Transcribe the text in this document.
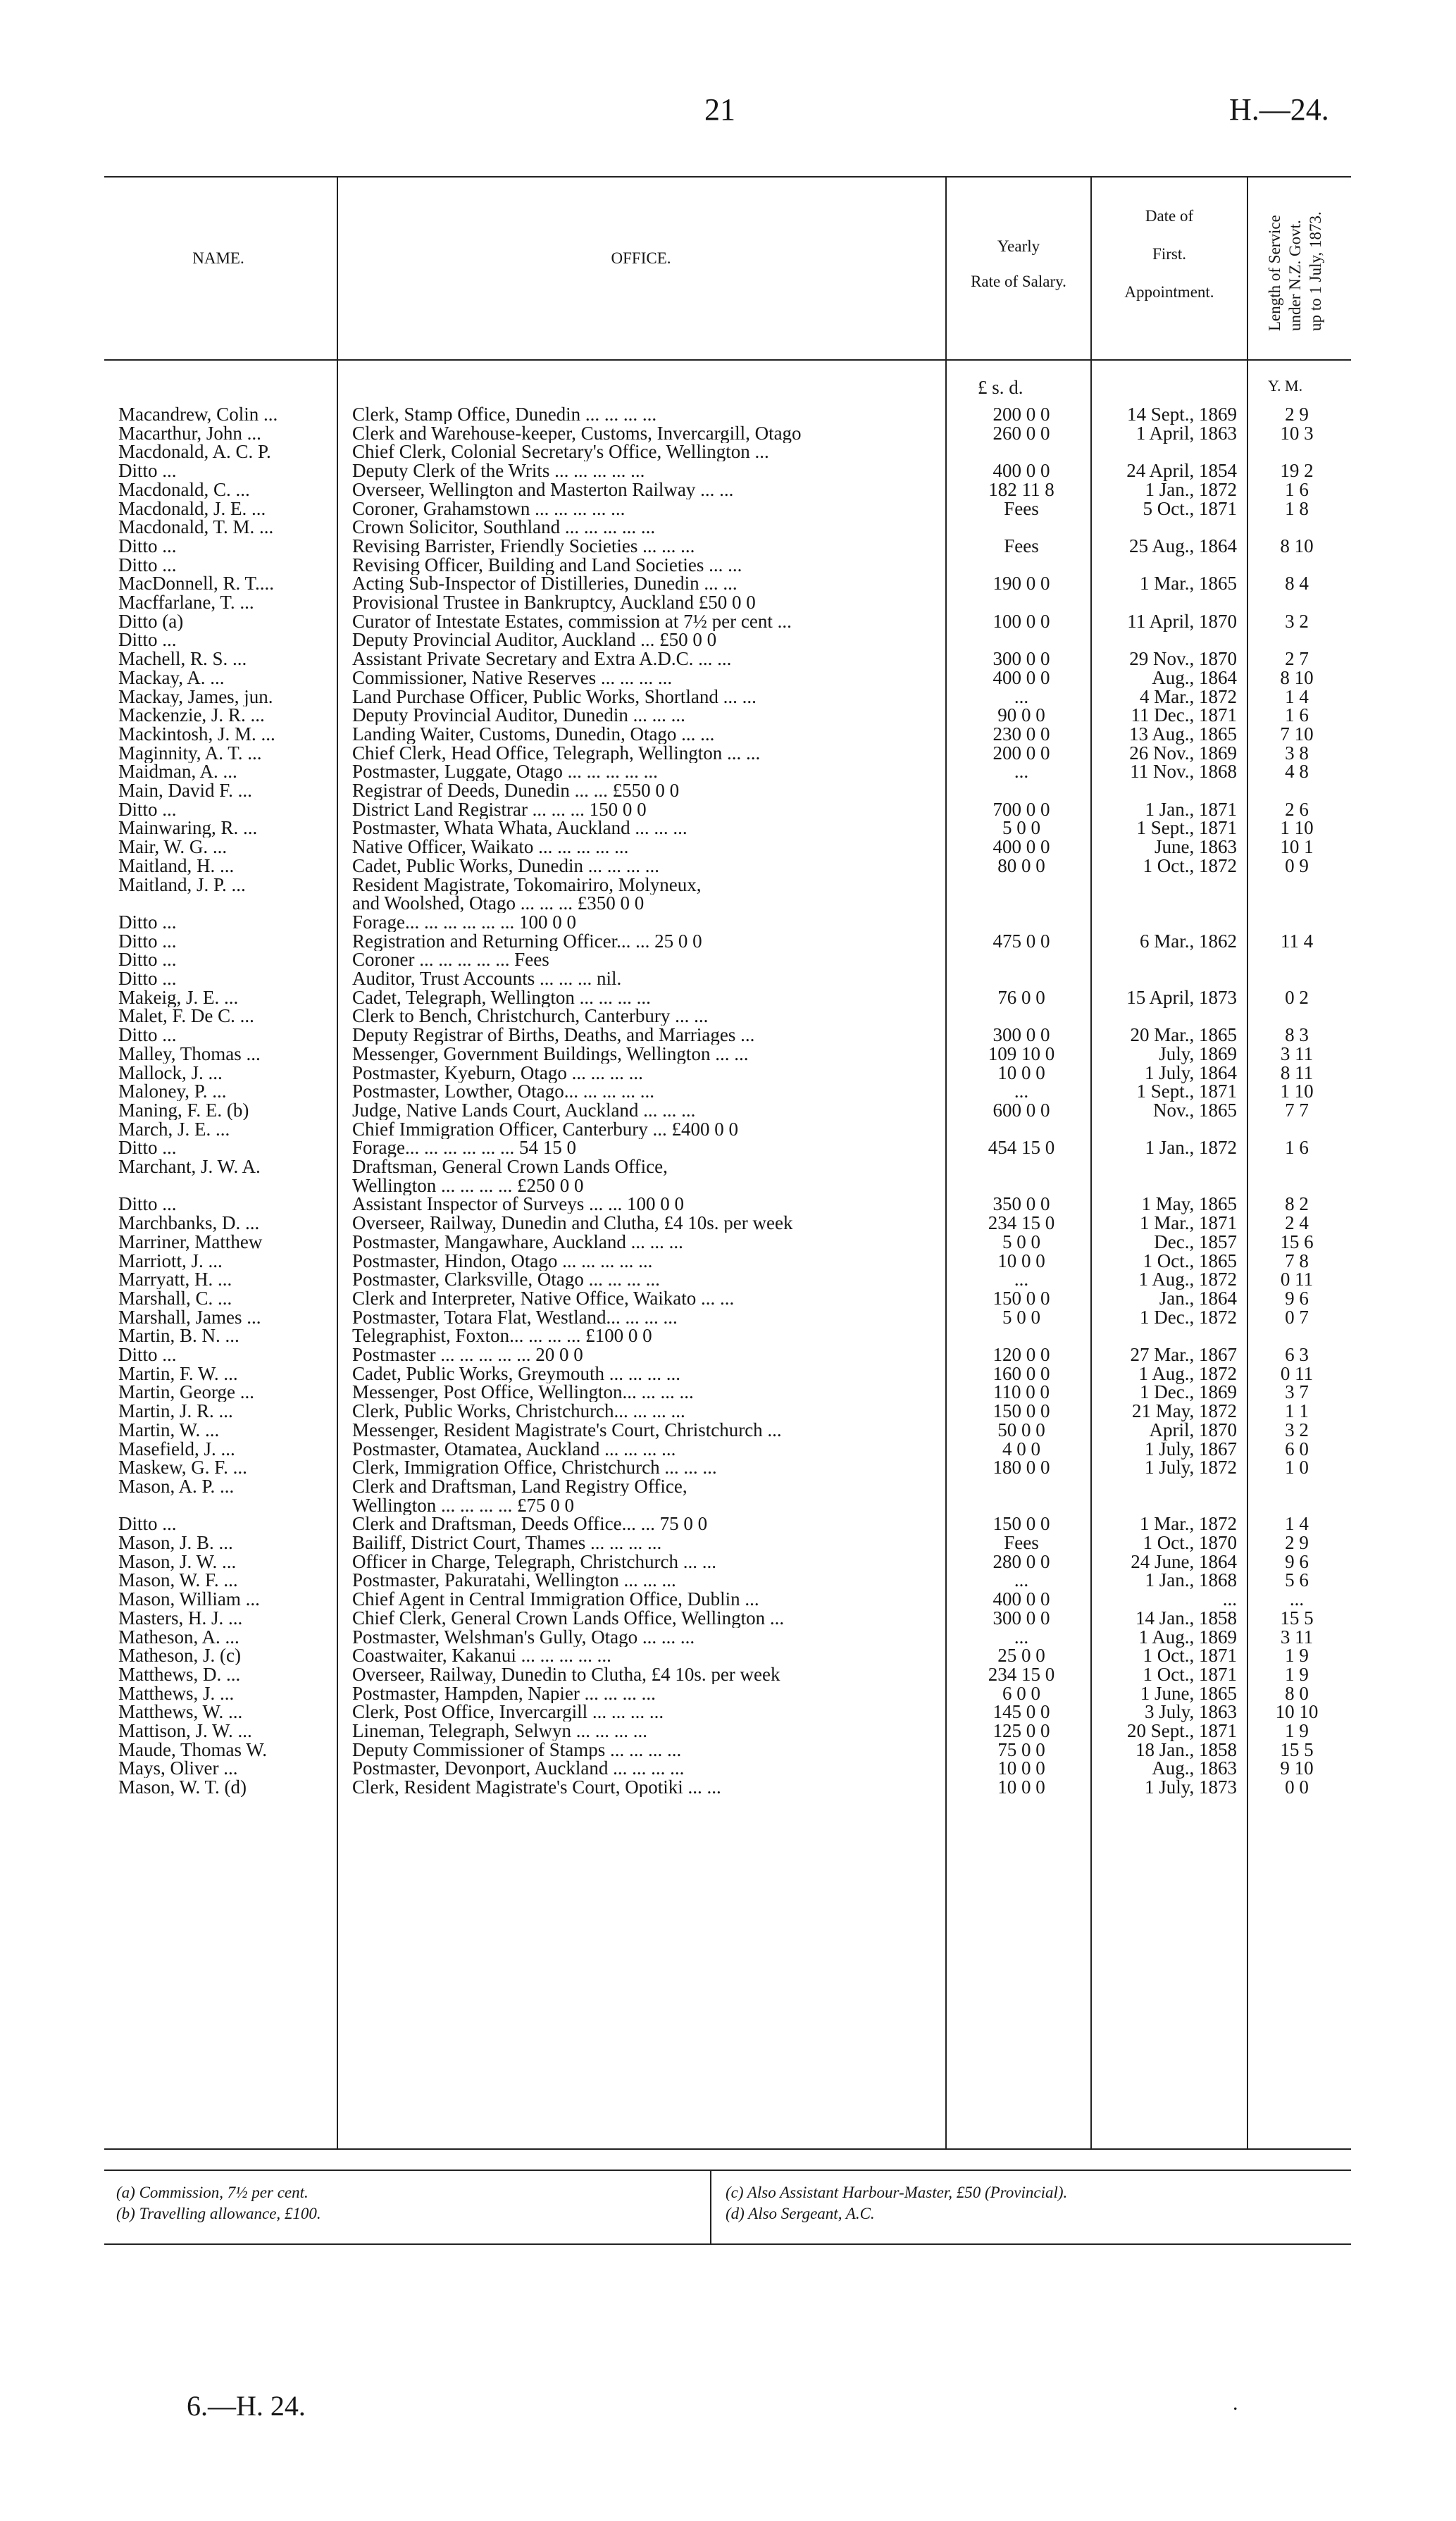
21	H.—24.
NAME.	OFFICE.
Yearly
Rate of Salary.
Date of
First.
Appointment.	Length of Service under N.Z. Govt. up to 1 July, 1873.
£ s. d.	Y. M.
Macandrew, Colin ...	Clerk, Stamp Office, Dunedin ... ... ... ...	200 0 0	14 Sept., 1869	2 9
Macarthur, John ...	Clerk and Warehouse-keeper, Customs, Invercargill, Otago	260 0 0	1 April, 1863	10 3
Macdonald, A. C. P.	Chief Clerk, Colonial Secretary's Office, Wellington ...
Ditto ...	Deputy Clerk of the Writs ... ... ... ... ...	400 0 0	24 April, 1854	19 2
Macdonald, C. ...	Overseer, Wellington and Masterton Railway ... ...	182 11 8	1 Jan., 1872	1 6
Macdonald, J. E. ...	Coroner, Grahamstown ... ... ... ... ...	Fees	5 Oct., 1871	1 8
Macdonald, T. M. ...	Crown Solicitor, Southland ... ... ... ... ...
Ditto ...	Revising Barrister, Friendly Societies ... ... ...	Fees	25 Aug., 1864	8 10
Ditto ...	Revising Officer, Building and Land Societies ... ...
MacDonnell, R. T....	Acting Sub-Inspector of Distilleries, Dunedin ... ...	190 0 0	1 Mar., 1865	8 4
Macffarlane, T. ...	Provisional Trustee in Bankruptcy, Auckland £50 0 0
Ditto (a)	Curator of Intestate Estates, commission at 7½ per cent ...	100 0 0	11 April, 1870	3 2
Ditto ...	Deputy Provincial Auditor, Auckland ... £50 0 0
Machell, R. S. ...	Assistant Private Secretary and Extra A.D.C. ... ...	300 0 0	29 Nov., 1870	2 7
Mackay, A. ...	Commissioner, Native Reserves ... ... ... ...	400 0 0	Aug., 1864	8 10
Mackay, James, jun.	Land Purchase Officer, Public Works, Shortland ... ...	...	4 Mar., 1872	1 4
Mackenzie, J. R. ...	Deputy Provincial Auditor, Dunedin ... ... ...	90 0 0	11 Dec., 1871	1 6
Mackintosh, J. M. ...	Landing Waiter, Customs, Dunedin, Otago ... ...	230 0 0	13 Aug., 1865	7 10
Maginnity, A. T. ...	Chief Clerk, Head Office, Telegraph, Wellington ... ...	200 0 0	26 Nov., 1869	3 8
Maidman, A. ...	Postmaster, Luggate, Otago ... ... ... ... ...	...	11 Nov., 1868	4 8
Main, David F. ...	Registrar of Deeds, Dunedin ... ... £550 0 0
Ditto ...	District Land Registrar ... ... ... 150 0 0	700 0 0	1 Jan., 1871	2 6
Mainwaring, R. ...	Postmaster, Whata Whata, Auckland ... ... ...	5 0 0	1 Sept., 1871	1 10
Mair, W. G. ...	Native Officer, Waikato ... ... ... ... ...	400 0 0	June, 1863	10 1
Maitland, H. ...	Cadet, Public Works, Dunedin ... ... ... ...	80 0 0	1 Oct., 1872	0 9
Maitland, J. P. ...	Resident Magistrate, Tokomairiro, Molyneux,
and Woolshed, Otago ... ... ... £350 0 0
Ditto ...	Forage... ... ... ... ... ... 100 0 0
Ditto ...	Registration and Returning Officer... ... 25 0 0	475 0 0	6 Mar., 1862	11 4
Ditto ...	Coroner ... ... ... ... ... Fees
Ditto ...	Auditor, Trust Accounts ... ... ... nil.
Makeig, J. E. ...	Cadet, Telegraph, Wellington ... ... ... ...	76 0 0	15 April, 1873	0 2
Malet, F. De C. ...	Clerk to Bench, Christchurch, Canterbury ... ...
Ditto ...	Deputy Registrar of Births, Deaths, and Marriages ...	300 0 0	20 Mar., 1865	8 3
Malley, Thomas ...	Messenger, Government Buildings, Wellington ... ...	109 10 0	July, 1869	3 11
Mallock, J. ...	Postmaster, Kyeburn, Otago ... ... ... ...	10 0 0	1 July, 1864	8 11
Maloney, P. ...	Postmaster, Lowther, Otago... ... ... ... ...	...	1 Sept., 1871	1 10
Maning, F. E. (b)	Judge, Native Lands Court, Auckland ... ... ...	600 0 0	Nov., 1865	7 7
March, J. E. ...	Chief Immigration Officer, Canterbury ... £400 0 0
Ditto ...	Forage... ... ... ... ... ... 54 15 0	454 15 0	1 Jan., 1872	1 6
Marchant, J. W. A.	Draftsman, General Crown Lands Office,
Wellington ... ... ... ... £250 0 0
Ditto ...	Assistant Inspector of Surveys ... ... 100 0 0	350 0 0	1 May, 1865	8 2
Marchbanks, D. ...	Overseer, Railway, Dunedin and Clutha, £4 10s. per week	234 15 0	1 Mar., 1871	2 4
Marriner, Matthew	Postmaster, Mangawhare, Auckland ... ... ...	5 0 0	Dec., 1857	15 6
Marriott, J. ...	Postmaster, Hindon, Otago ... ... ... ... ...	10 0 0	1 Oct., 1865	7 8
Marryatt, H. ...	Postmaster, Clarksville, Otago ... ... ... ...	...	1 Aug., 1872	0 11
Marshall, C. ...	Clerk and Interpreter, Native Office, Waikato ... ...	150 0 0	Jan., 1864	9 6
Marshall, James ...	Postmaster, Totara Flat, Westland... ... ... ...	5 0 0	1 Dec., 1872	0 7
Martin, B. N. ...	Telegraphist, Foxton... ... ... ... £100 0 0
Ditto ...	Postmaster ... ... ... ... ... 20 0 0	120 0 0	27 Mar., 1867	6 3
Martin, F. W. ...	Cadet, Public Works, Greymouth ... ... ... ...	160 0 0	1 Aug., 1872	0 11
Martin, George ...	Messenger, Post Office, Wellington... ... ... ...	110 0 0	1 Dec., 1869	3 7
Martin, J. R. ...	Clerk, Public Works, Christchurch... ... ... ...	150 0 0	21 May, 1872	1 1
Martin, W. ...	Messenger, Resident Magistrate's Court, Christchurch ...	50 0 0	April, 1870	3 2
Masefield, J. ...	Postmaster, Otamatea, Auckland ... ... ... ...	4 0 0	1 July, 1867	6 0
Maskew, G. F. ...	Clerk, Immigration Office, Christchurch ... ... ...	180 0 0	1 July, 1872	1 0
Mason, A. P. ...	Clerk and Draftsman, Land Registry Office,
Wellington ... ... ... ... £75 0 0
Ditto ...	Clerk and Draftsman, Deeds Office... ... 75 0 0	150 0 0	1 Mar., 1872	1 4
Mason, J. B. ...	Bailiff, District Court, Thames ... ... ... ...	Fees	1 Oct., 1870	2 9
Mason, J. W. ...	Officer in Charge, Telegraph, Christchurch ... ...	280 0 0	24 June, 1864	9 6
Mason, W. F. ...	Postmaster, Pakuratahi, Wellington ... ... ...	...	1 Jan., 1868	5 6
Mason, William ...	Chief Agent in Central Immigration Office, Dublin ...	400 0 0	...	...
Masters, H. J. ...	Chief Clerk, General Crown Lands Office, Wellington ...	300 0 0	14 Jan., 1858	15 5
Matheson, A. ...	Postmaster, Welshman's Gully, Otago ... ... ...	...	1 Aug., 1869	3 11
Matheson, J. (c)	Coastwaiter, Kakanui ... ... ... ... ...	25 0 0	1 Oct., 1871	1 9
Matthews, D. ...	Overseer, Railway, Dunedin to Clutha, £4 10s. per week	234 15 0	1 Oct., 1871	1 9
Matthews, J. ...	Postmaster, Hampden, Napier ... ... ... ...	6 0 0	1 June, 1865	8 0
Matthews, W. ...	Clerk, Post Office, Invercargill ... ... ... ...	145 0 0	3 July, 1863	10 10
Mattison, J. W. ...	Lineman, Telegraph, Selwyn ... ... ... ...	125 0 0	20 Sept., 1871	1 9
Maude, Thomas W.	Deputy Commissioner of Stamps ... ... ... ...	75 0 0	18 Jan., 1858	15 5
Mays, Oliver ...	Postmaster, Devonport, Auckland ... ... ... ...	10 0 0	Aug., 1863	9 10
Mason, W. T. (d)	Clerk, Resident Magistrate's Court, Opotiki ... ...	10 0 0	1 July, 1873	0 0
(a) Commission, 7½ per cent.
(b) Travelling allowance, £100.
(c) Also Assistant Harbour-Master, £50 (Provincial).
(d) Also Sergeant, A.C.
6.—H. 24.	.
